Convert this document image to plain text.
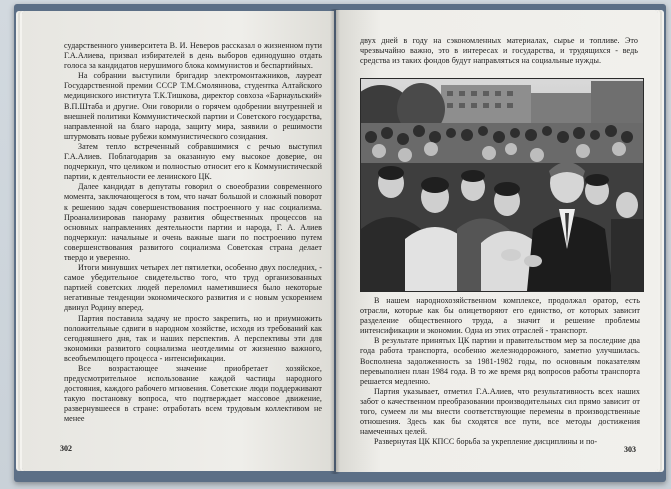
сударственного университета В. И. Неверов рассказал о жизненном пути Г.А.Алиева, призвал избирателей в день выборов единодушно отдать голоса за кандидатов нерушимого блока коммунистов и беспартийных.

На собрании выступили бригадир электромонтажников, лауреат Государственной премии СССР Т.М.Смоляннова, студентка Алтайского медицинского института Т.К.Тишкова, директор совхоза «Барнаульский» В.П.Штаба и другие. Они говорили о горячем одобрении внутренней и внешней политики Коммунистической партии и Советского государства, направленной на благо народа, защиту мира, заявили о решимости штурмовать новые рубежи коммунистического созидания.

Затем тепло встреченный собравшимися с речью выступил Г.А.Алиев. Поблагодарив за оказанную ему высокое доверие, он подчеркнул, что целиком и полностью относит его к Коммунистической партии, к деятельности ее ленинского ЦК.

Далее кандидат в депутаты говорил о своеобразии современного момента, заключающегося в том, что начат большой и сложный поворот к решению задач совершенствования построенного у нас социализма. Проанализировав панораму развития общественных процессов на основных направлениях деятельности партии и народа, Г. А. Алиев подчеркнул: начальные и очень важные шаги по построению путем совершенствования развитого социализма Советская страна делает твердо и уверенно.

Итоги минувших четырех лет пятилетки, особенно двух последних, - самое убедительное свидетельство того, что труд организованных партией советских людей переломил наметившиеся было некоторые негативные тенденции экономического развития и с новым ускорением двинул Родину вперед.

Партия поставила задачу не просто закрепить, но и приумножить положительные сдвиги в народном хозяйстве, исходя из требований как сегодняшнего дня, так и наших перспектив. А перспективы эти для экономики развитого социализма неотделимы от жизненно важного, всеобъемлющего процесса - интенсификации.

Все возрастающее значение приобретает хозяйское, предусмотрительное использование каждой частицы народного достояния, каждого рабочего мгновения. Советские люди поддерживают такую постановку вопроса, что подтверждает массовое движение, развернувшееся в стране: отработать всем трудовым коллективом не менее

302

двух дней в году на сэкономленных материалах, сырье и топливе. Это чрезвычайно важно, это в интересах и государства, и трудящихся - ведь средства из таких фондов будут направляться на социальные нужды.

В нашем народнохозяйственном комплексе, продолжал оратор, есть отрасли, которые как бы олицетворяют его единство, от которых зависит разделение общественного труда, а значит и решение проблемы интенсификации и экономии. Одна из этих отраслей - транспорт.

В результате принятых ЦК партии и правительством мер за последние два года работа транспорта, особенно железнодорожного, заметно улучшилась. Восполнена задолженность за 1981-1982 годы, по основным показателям перевыполнен план 1984 года. В то же время ряд вопросов работы транспорта решается медленно.

Партия указывает, отметил Г.А.Алиев, что результативность всех наших забот о качественном преобразовании производительных сил прямо зависит от того, сумеем ли мы внести соответствующие перемены в производственные отношения. Здесь как бы сходятся все пути, все методы достижения намеченных целей.

Развернутая ЦК КПСС борьба за укрепление дисциплины и по-

303
